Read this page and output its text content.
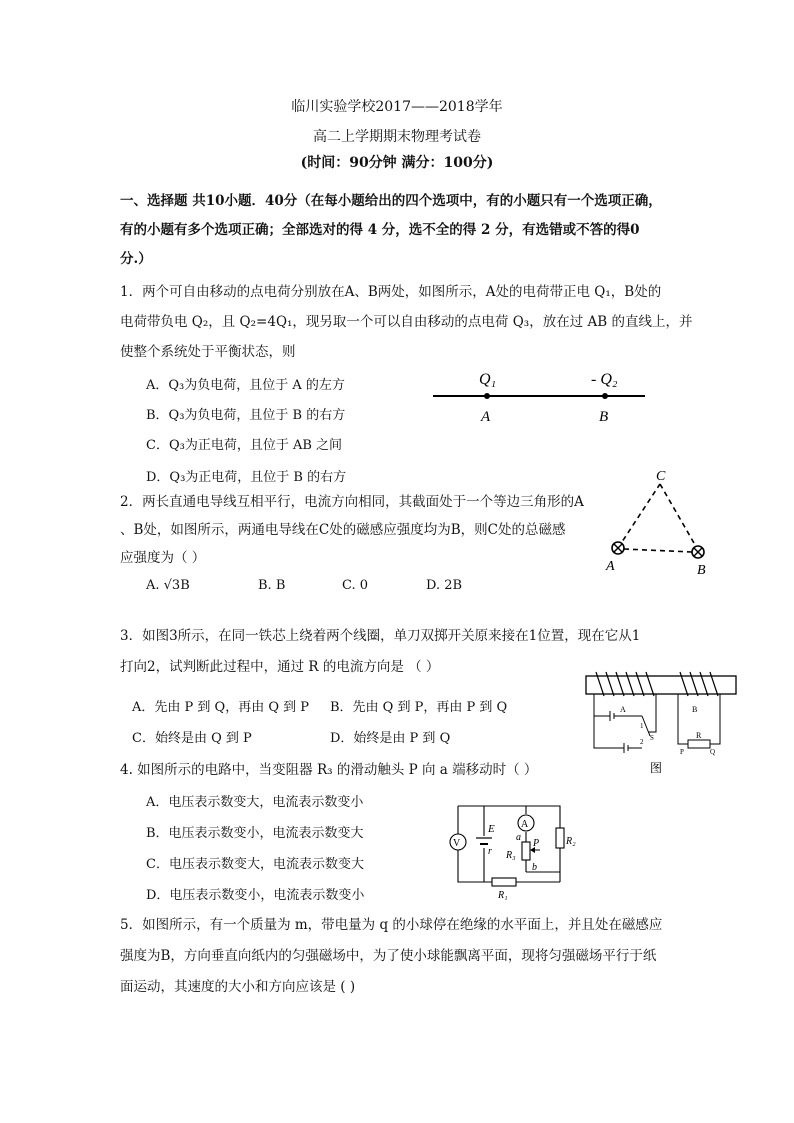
临川实验学校2017——2018学年
高二上学期期末物理考试卷
(时间：90分钟 满分：100分)
一、选择题 共10小题．40分（在每小题给出的四个选项中，有的小题只有一个选项正确，
有的小题有多个选项正确；全部选对的得 4 分，选不全的得 2 分，有选错或不答的得0
分.）
1．两个可自由移动的点电荷分别放在A、B两处，如图所示，A处的电荷带正电 Q₁，B处的
电荷带负电 Q₂，且 Q₂=4Q₁，现另取一个可以自由移动的点电荷 Q₃，放在过 AB 的直线上，并
使整个系统处于平衡状态，则
A．Q₃为负电荷，且位于 A 的左方
B．Q₃为负电荷，且位于 B 的右方
C．Q₃为正电荷，且位于 AB 之间
D．Q₃为正电荷，且位于 B 的右方
Q₁	- Q₂
A	B
2．两长直通电导线互相平行，电流方向相同，其截面处于一个等边三角形的A
、B处，如图所示，两通电导线在C处的磁感应强度均为B，则C处的总磁感
应强度为（ ）
A. √3B	B. B	C. 0	D. 2B
C
A	B
3．如图3所示，在同一铁芯上绕着两个线圈，单刀双掷开关原来接在1位置，现在它从1
打向2，试判断此过程中，通过 R 的电流方向是 （ ）
A．先由 P 到 Q，再由 Q 到 P B．先由 Q 到 P，再由 P 到 Q
C．始终是由 Q 到 P	D．始终是由 P 到 Q
A	B
R
P	Q
1
2 S
图
4. 如图所示的电路中，当变阻器 R₃ 的滑动触头 P 向 a 端移动时（ ）
A．电压表示数变大，电流表示数变小
B．电压表示数变小，电流表示数变大
C．电压表示数变大，电流表示数变大
D．电压表示数变小，电流表示数变小
V
E
r
A
a
b
P
R₃
R₂
R₁
5．如图所示，有一个质量为 m，带电量为 q 的小球停在绝缘的水平面上，并且处在磁感应
强度为B，方向垂直向纸内的匀强磁场中，为了使小球能飘离平面，现将匀强磁场平行于纸
面运动，其速度的大小和方向应该是 ( )
